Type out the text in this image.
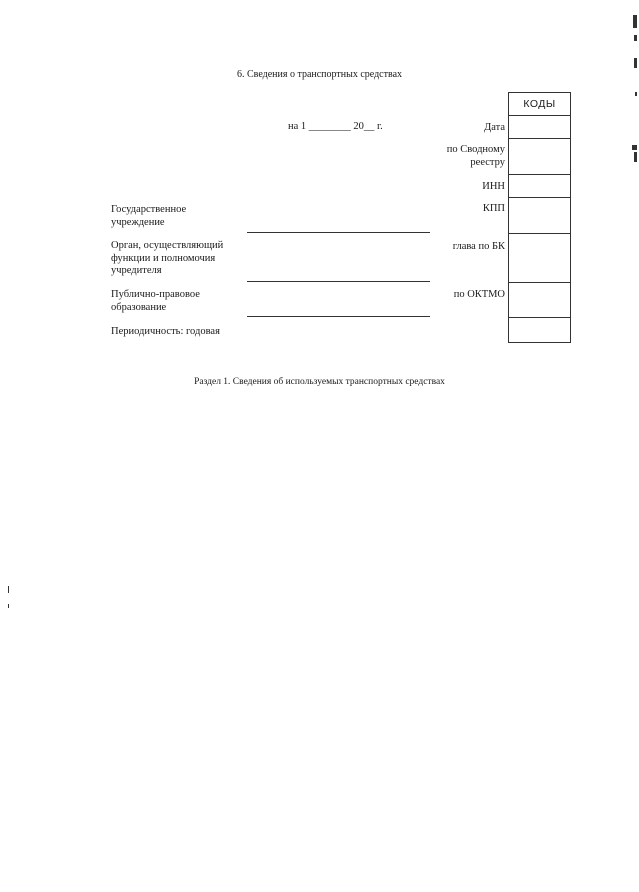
6. Сведения о транспортных средствах
на 1 ________ 20__ г.	Дата
по Сводному реестру
ИНН
КПП
глава по БК
по ОКТМО
Государственное учреждение
Орган, осуществляющий функции и полномочия учредителя
Публично-правовое образование
Периодичность: годовая
КОДЫ
Раздел 1. Сведения об используемых транспортных средствах
